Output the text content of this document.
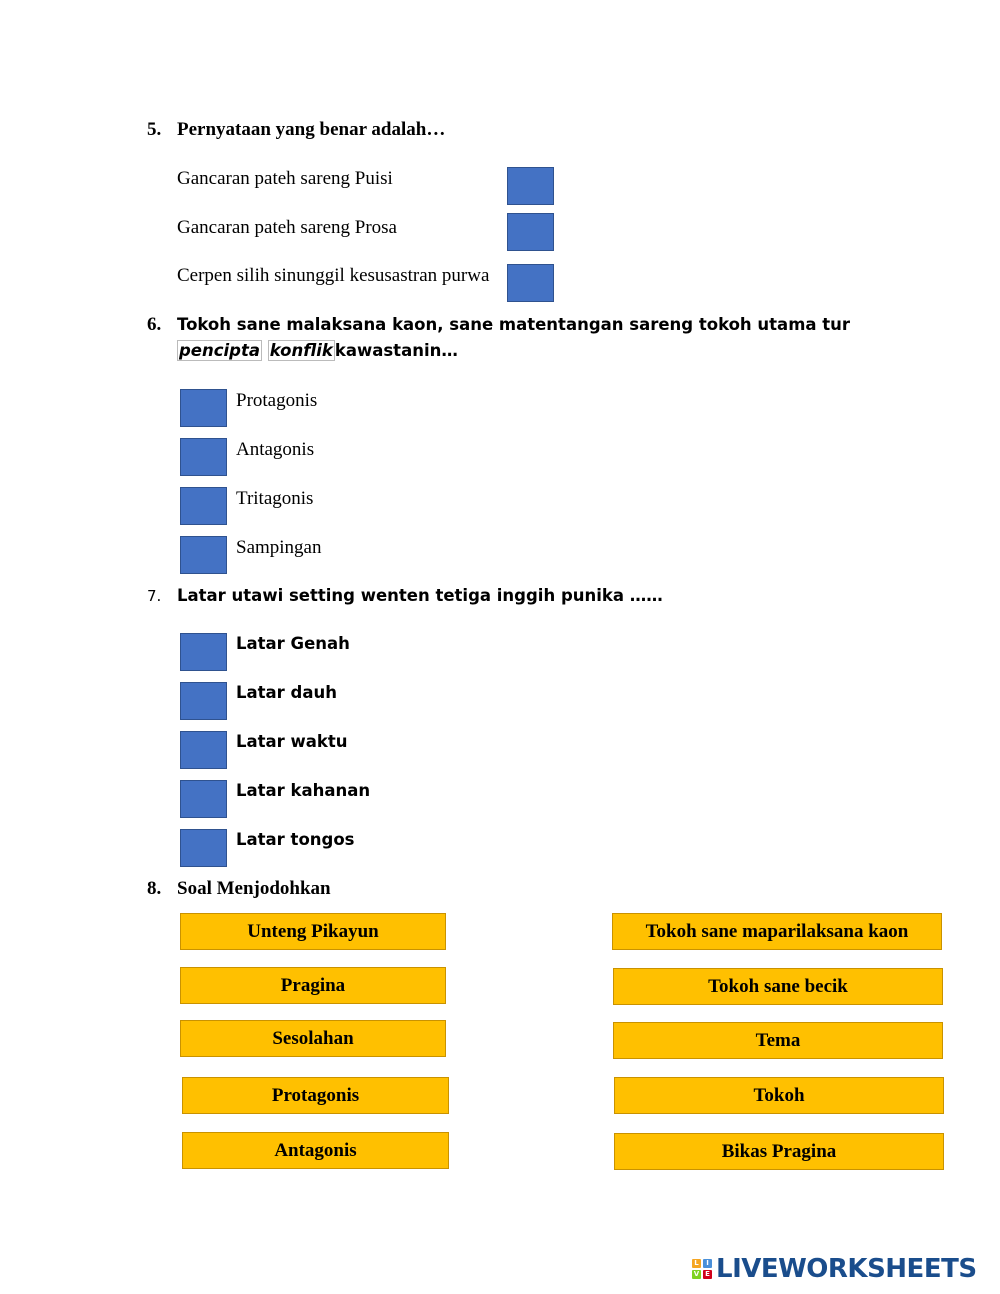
5. Pernyataan yang benar adalah…
Gancaran pateh sareng Puisi
Gancaran pateh sareng Prosa
Cerpen silih sinunggil kesusastran purwa
6. Tokoh sane malaksana kaon, sane matentangan sareng tokoh utama tur pencipta konflik kawastanin…
Protagonis
Antagonis
Tritagonis
Sampingan
7. Latar utawi setting wenten tetiga inggih punika ……
Latar Genah
Latar dauh
Latar waktu
Latar kahanan
Latar tongos
8. Soal Menjodohkan
Unteng Pikayun
Pragina
Sesolahan
Protagonis
Antagonis
Tokoh sane maparilaksana kaon
Tokoh sane becik
Tema
Tokoh
Bikas Pragina
L	I
V E LIVEWORKSHEETS
